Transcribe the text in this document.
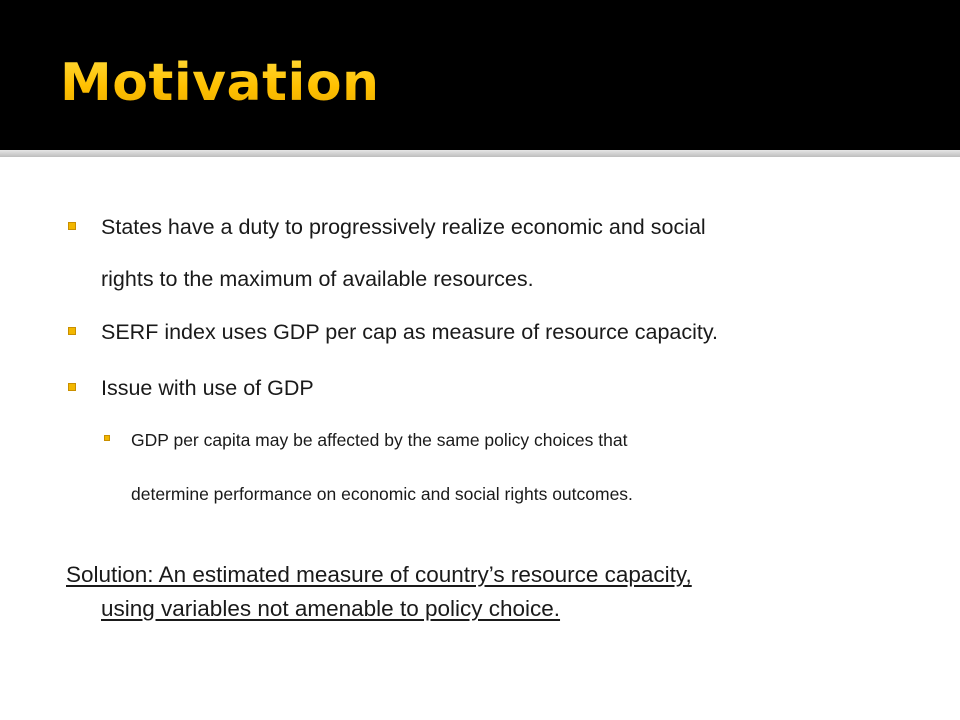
Motivation
States have a duty to progressively realize economic and social
rights to the maximum of available resources.
SERF index uses GDP per cap as measure of resource capacity.
Issue with use of GDP
GDP per capita may be affected by the same policy choices that
determine performance on economic and social rights outcomes.
Solution: An estimated measure of country’s resource capacity,
using variables not amenable to policy choice.
